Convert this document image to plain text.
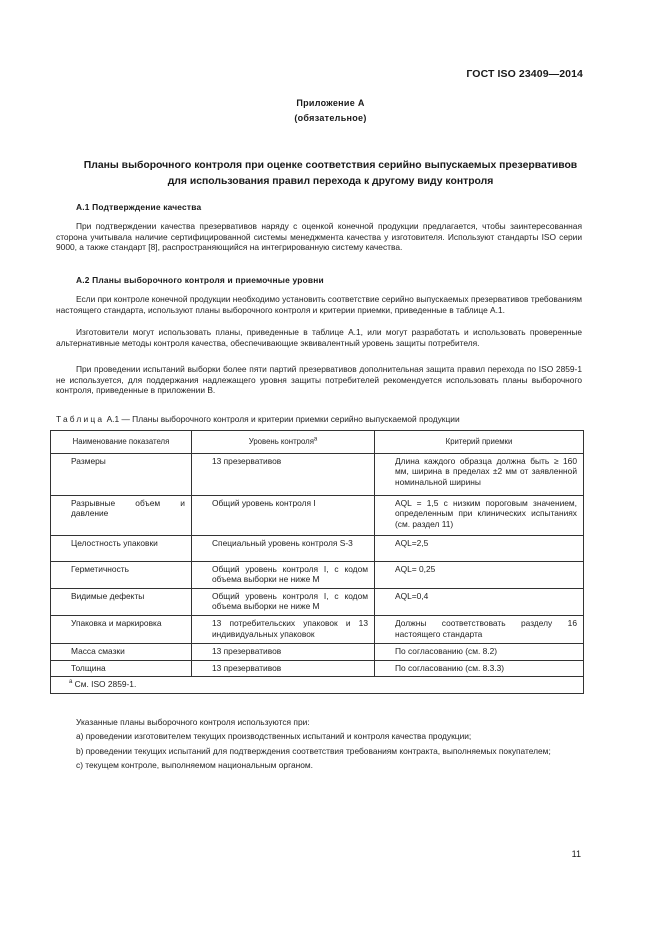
ГОСТ ISO 23409—2014
Приложение А
(обязательное)
Планы выборочного контроля при оценке соответствия серийно выпускаемых презервативов
для использования правил перехода к другому виду контроля
А.1 Подтверждение качества
При подтверждении качества презервативов наряду с оценкой конечной продукции предлагается, чтобы заинтересованная сторона учитывала наличие сертифицированной системы менеджмента качества у изготовителя. Используют стандарты ISO серии 9000, а также стандарт [8], распространяющийся на интегрированную систему качества.
А.2 Планы выборочного контроля и приемочные уровни
Если при контроле конечной продукции необходимо установить соответствие серийно выпускаемых презервативов требованиям настоящего стандарта, используют планы выборочного контроля и критерии приемки, приведенные в таблице А.1.
Изготовители могут использовать планы, приведенные в таблице А.1, или могут разработать и использовать проверенные альтернативные методы контроля качества, обеспечивающие эквивалентный уровень защиты потребителя.
При проведении испытаний выборки более пяти партий презервативов дополнительная защита правил перехода по ISO 2859-1 не используется, для поддержания надлежащего уровня защиты потребителей рекомендуется использовать планы выборочного контроля, приведенные в приложении В.
Таблица А.1 — Планы выборочного контроля и критерии приемки серийно выпускаемой продукции
Наименование показателя	Уровень контроля$^a$	Критерий приемки
Размеры	13 презервативов	Длина каждого образца должна быть ≥ 160 мм, ширина в пределах ±2 мм от заявленной номинальной ширины
Разрывные объем и давление	Общий уровень контроля I	AQL = 1,5 с низким пороговым значением, определенным при клинических испытаниях (см. раздел 11)
Целостность упаковки	Специальный уровень контроля S-3	AQL=2,5
Герметичность	Общий уровень контроля I, с кодом объема выборки не ниже М	AQL= 0,25
Видимые дефекты	Общий уровень контроля I, с кодом объема выборки не ниже М	AQL=0,4
Упаковка и маркировка	13 потребительских упаковок и 13 индивидуальных упаковок	Должны соответствовать разделу 16 настоящего стандарта
Масса смазки	13 презервативов	По согласованию (см. 8.2)
Толщина	13 презервативов	По согласованию (см. 8.3.3)
$^a$ См. ISO 2859-1.		
Указанные планы выборочного контроля используются при:
а) проведении изготовителем текущих производственных испытаний и контроля качества продукции;
b) проведении текущих испытаний для подтверждения соответствия требованиям контракта, выполняемых покупателем;
с) текущем контроле, выполняемом национальным органом.
11
